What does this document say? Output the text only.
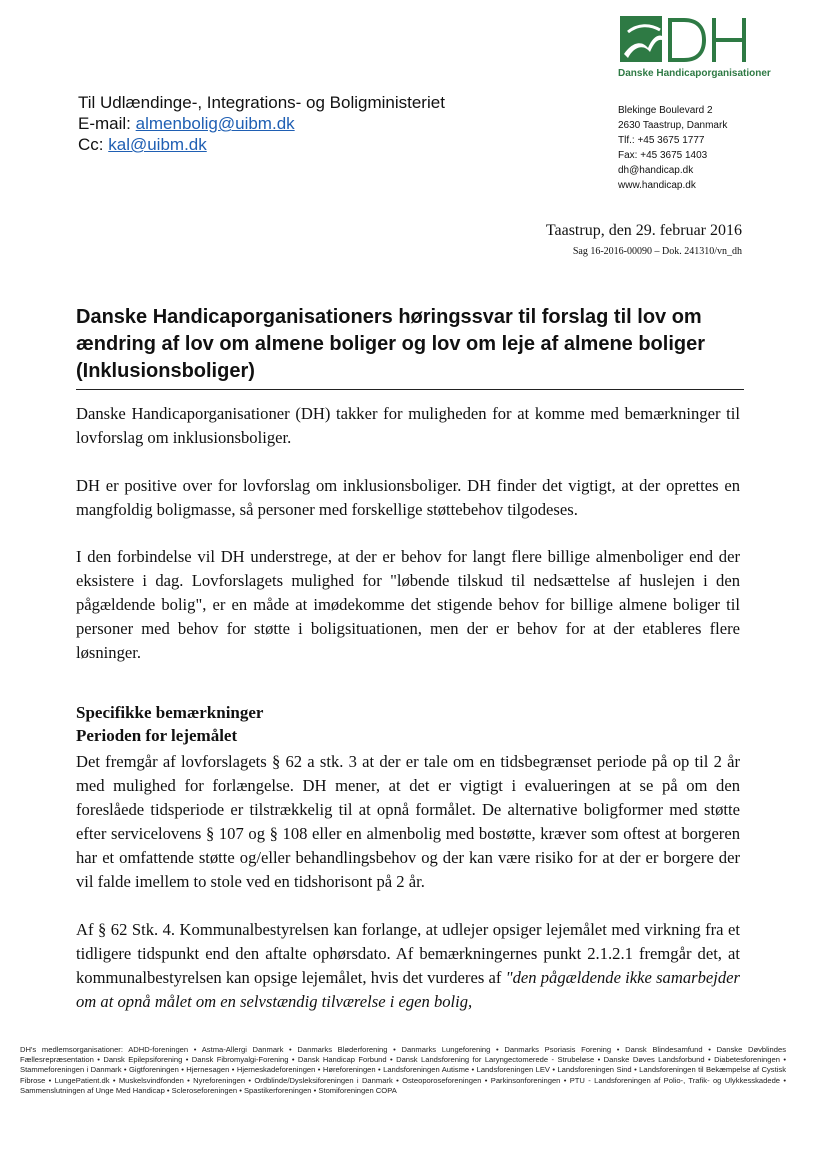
Danske Handicaporganisationer
Til Udlændinge-, Integrations- og Boligministeriet
E-mail: almenbolig@uibm.dk
Cc: kal@uibm.dk
Blekinge Boulevard 2
2630 Taastrup, Danmark
Tlf.: +45 3675 1777
Fax: +45 3675 1403
dh@handicap.dk
www.handicap.dk
Taastrup, den 29. februar 2016
Sag 16-2016-00090 – Dok. 241310/vn_dh
Danske Handicaporganisationers høringssvar til forslag til lov om ændring af lov om almene boliger og lov om leje af almene boliger (Inklusionsboliger)
Danske Handicaporganisationer (DH) takker for muligheden for at komme med bemærkninger til lovforslag om inklusionsboliger.
DH er positive over for lovforslag om inklusionsboliger. DH finder det vigtigt, at der oprettes en mangfoldig boligmasse, så personer med forskellige støttebehov tilgodeses.
I den forbindelse vil DH understrege, at der er behov for langt flere billige almenboliger end der eksistere i dag. Lovforslagets mulighed for "løbende tilskud til nedsættelse af huslejen i den pågældende bolig", er en måde at imødekomme det stigende behov for billige almene boliger til personer med behov for støtte i boligsituationen, men der er behov for at der etableres flere løsninger.
Specifikke bemærkninger
Perioden for lejemålet
Det fremgår af lovforslagets § 62 a stk. 3 at der er tale om en tidsbegrænset periode på op til 2 år med mulighed for forlængelse. DH mener, at det er vigtigt i evalueringen at se på om den foreslåede tidsperiode er tilstrækkelig til at opnå formålet. De alternative boligformer med støtte efter servicelovens § 107 og § 108 eller en almenbolig med bostøtte, kræver som oftest at borgeren har et omfattende støtte og/eller behandlingsbehov og der kan være risiko for at der er borgere der vil falde imellem to stole ved en tidshorisont på 2 år.
Af § 62 Stk. 4. Kommunalbestyrelsen kan forlange, at udlejer opsiger lejemålet med virkning fra et tidligere tidspunkt end den aftalte ophørsdato. Af bemærkningernes punkt 2.1.2.1 fremgår det, at kommunalbestyrelsen kan opsige lejemålet, hvis det vurderes af "den pågældende ikke samarbejder om at opnå målet om en selvstændig tilværelse i egen bolig,
DH's medlemsorganisationer: ADHD-foreningen • Astma-Allergi Danmark • Danmarks Bløderforening • Danmarks Lungeforening • Danmarks Psoriasis Forening • Dansk Blindesamfund • Danske Døvblindes Fællesrepræsentation • Dansk Epilepsiforening • Dansk Fibromyalgi-Forening • Dansk Handicap Forbund • Dansk Landsforening for Laryngectomerede - Strubeløse • Danske Døves Landsforbund • Diabetesforeningen • Stammeforeningen i Danmark • Gigtforeningen • Hjernesagen • Hjerneskadeforeningen • Høreforeningen • Landsforeningen Autisme • Landsforeningen LEV • Landsforeningen Sind • Landsforeningen til Bekæmpelse af Cystisk Fibrose • LungePatient.dk • Muskelsvindfonden • Nyreforeningen • Ordblinde/Dysleksiforeningen i Danmark • Osteoporoseforeningen • Parkinsonforeningen • PTU - Landsforeningen af Polio-, Trafik- og Ulykkesskadede • Sammenslutningen af Unge Med Handicap • Scleroseforeningen • Spastikerforeningen • Stomiforeningen COPA
